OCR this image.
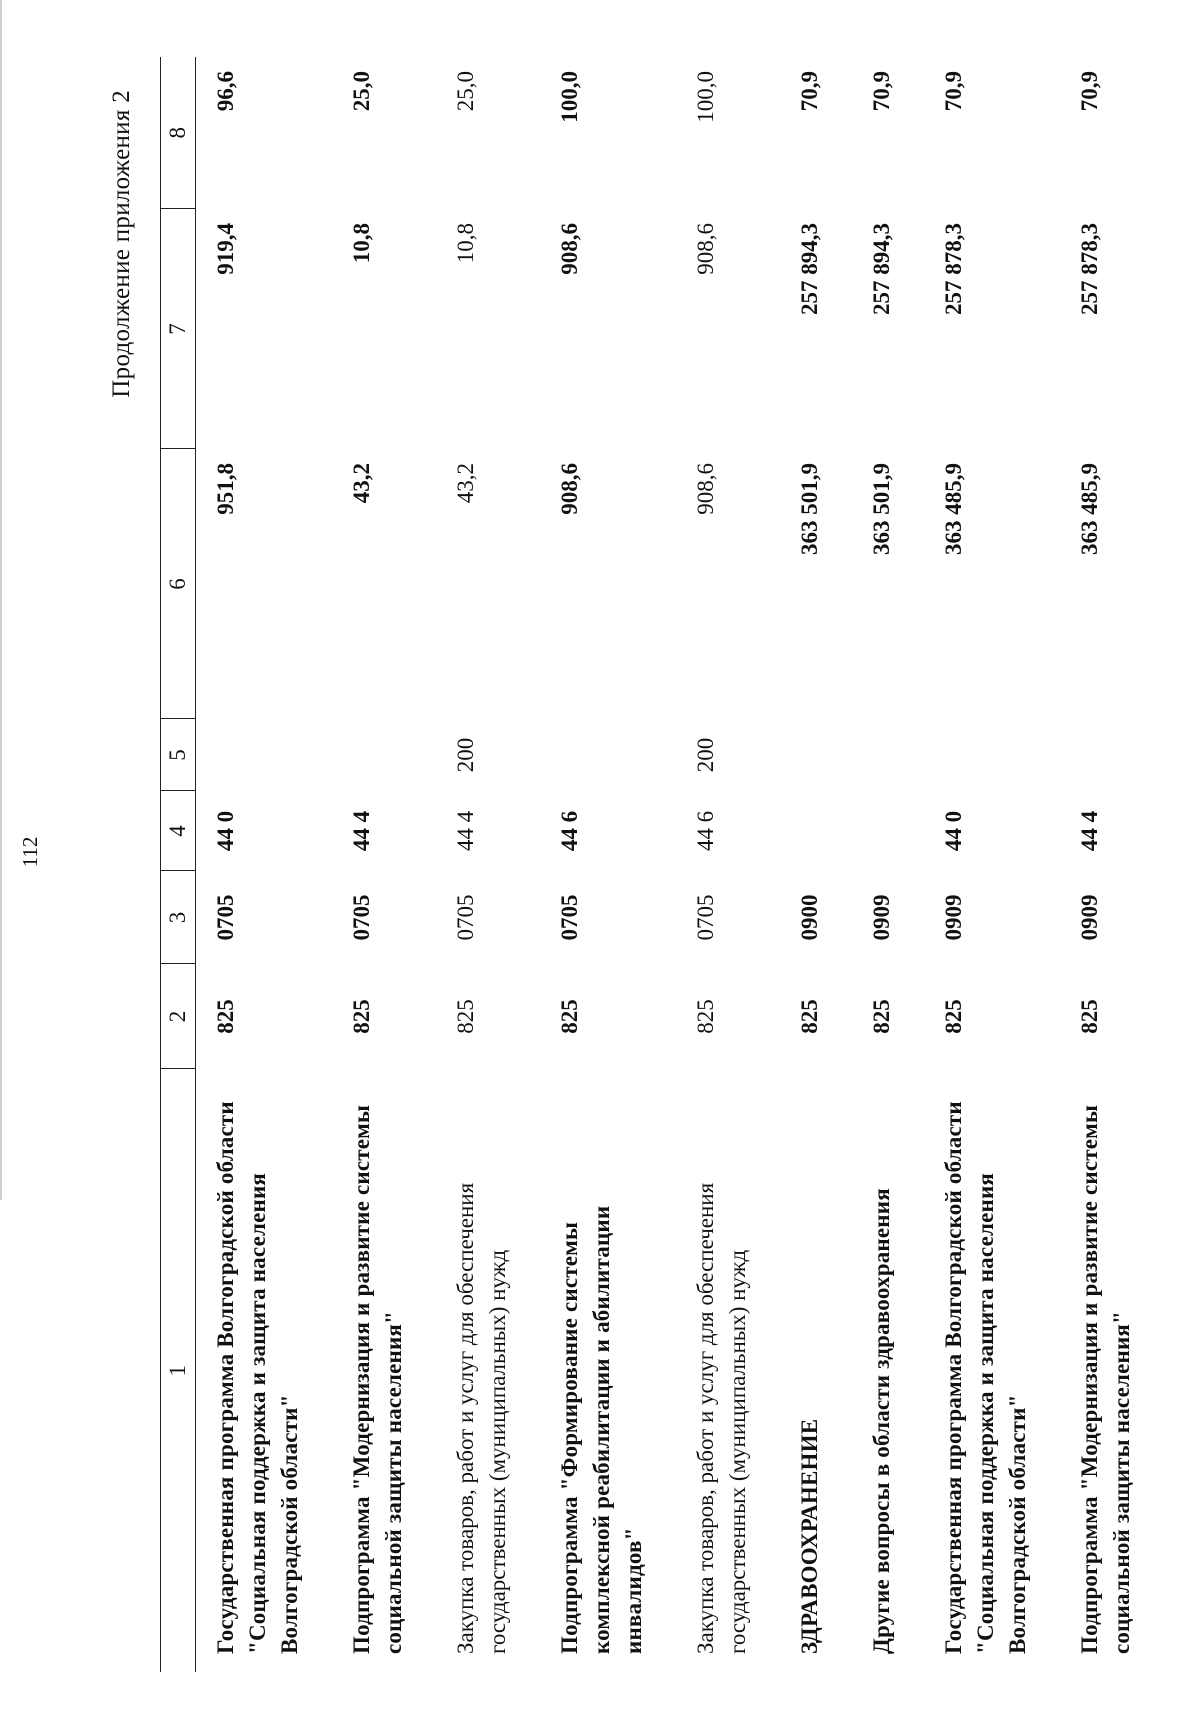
112
Продолжение приложения 2
1	2	3	4	5	6	7	8
Государственная программа Волгоградской области "Социальная поддержка и защита населения Волгоградской области"	825	0705	44 0		951,8	919,4	96,6
Подпрограмма "Модернизация и развитие системы социальной защиты населения"	825	0705	44 4		43,2	10,8	25,0
Закупка товаров, работ и услуг для обеспечения государственных (муниципальных) нужд	825	0705	44 4	200	43,2	10,8	25,0
Подпрограмма "Формирование системы комплексной реабилитации и абилитации инвалидов"	825	0705	44 6		908,6	908,6	100,0
Закупка товаров, работ и услуг для обеспечения государственных (муниципальных) нужд	825	0705	44 6	200	908,6	908,6	100,0
ЗДРАВООХРАНЕНИЕ	825	0900			363 501,9	257 894,3	70,9
Другие вопросы в области здравоохранения	825	0909			363 501,9	257 894,3	70,9
Государственная программа Волгоградской области "Социальная поддержка и защита населения Волгоградской области"	825	0909	44 0		363 485,9	257 878,3	70,9
Подпрограмма "Модернизация и развитие системы социальной защиты населения"	825	0909	44 4		363 485,9	257 878,3	70,9
